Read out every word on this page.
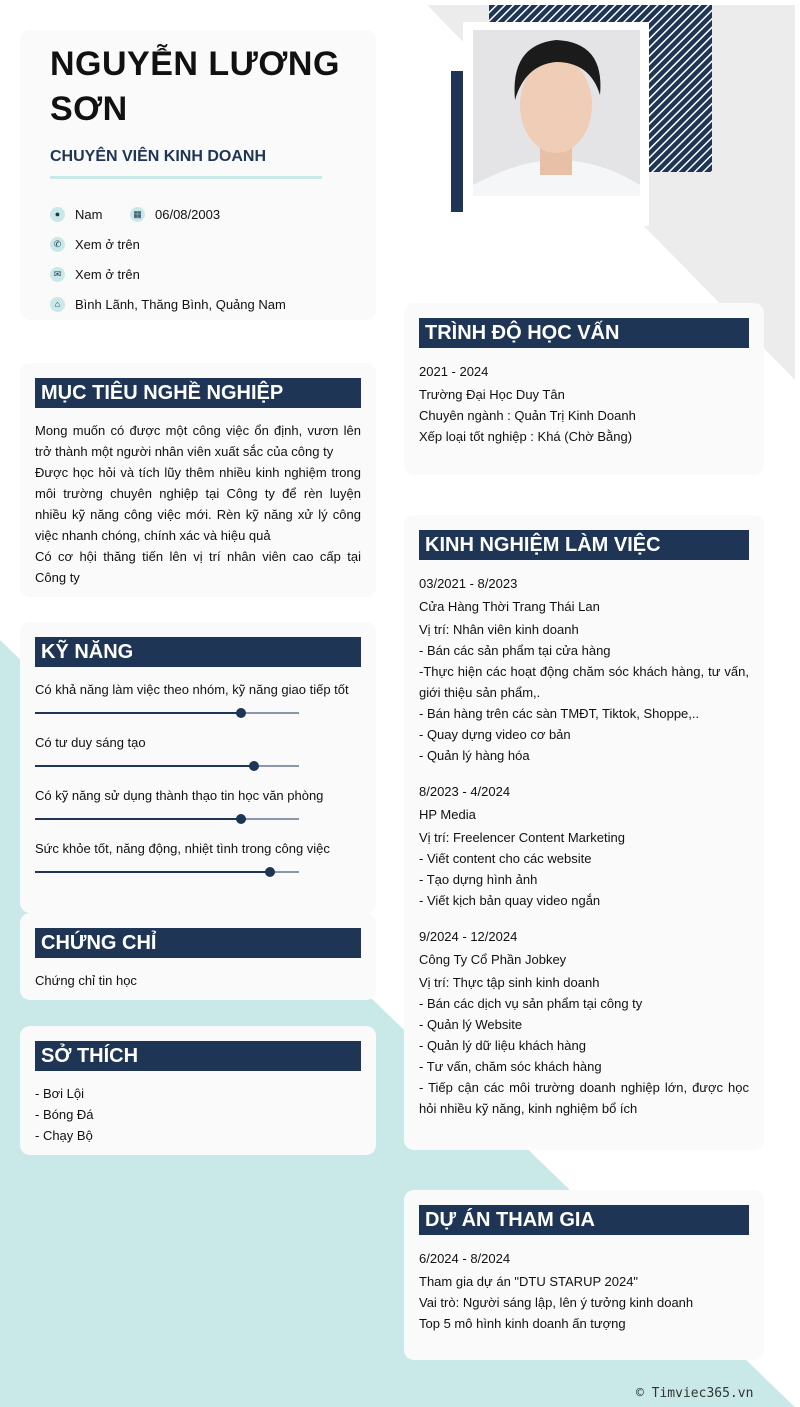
NGUYỄN LƯƠNG SƠN
CHUYÊN VIÊN KINH DOANH
●	Nam	▦ 06/08/2003
✆ Xem ở trên
✉ Xem ở trên
⌂	Bình Lãnh, Thăng Bình, Quảng Nam
MỤC TIÊU NGHỀ NGHIỆP
Mong muốn có được một công việc ổn định, vươn lên trở thành một người nhân viên xuất sắc của công ty
Được học hỏi và tích lũy thêm nhiều kinh nghiệm trong môi trường chuyên nghiệp tại Công ty để rèn luyện nhiều kỹ năng công việc mới. Rèn kỹ năng xử lý công việc nhanh chóng, chính xác và hiệu quả
Có cơ hội thăng tiến lên vị trí nhân viên cao cấp tại Công ty
KỸ NĂNG
Có khả năng làm việc theo nhóm, kỹ năng giao tiếp tốt
Có tư duy sáng tạo
Có kỹ năng sử dụng thành thạo tin học văn phòng
Sức khỏe tốt, năng động, nhiệt tình trong công việc
CHỨNG CHỈ
Chứng chỉ tin học
SỞ THÍCH
- Bơi Lội
- Bóng Đá
- Chạy Bộ
TRÌNH ĐỘ HỌC VẤN
2021 - 2024
Trường Đại Học Duy Tân
Chuyên ngành : Quản Trị Kinh Doanh
Xếp loại tốt nghiệp : Khá (Chờ Bằng)
KINH NGHIỆM LÀM VIỆC
03/2021 - 8/2023
Cửa Hàng Thời Trang Thái Lan
Vị trí: Nhân viên kinh doanh
- Bán các sản phẩm tại cửa hàng
-Thực hiện các hoạt động chăm sóc khách hàng, tư vấn, giới thiệu sản phẩm,.
- Bán hàng trên các sàn TMĐT, Tiktok, Shoppe,..
- Quay dựng video cơ bản
- Quản lý hàng hóa
8/2023 - 4/2024
HP Media
Vị trí: Freelencer Content Marketing
- Viết content cho các website
- Tạo dựng hình ảnh
- Viết kịch bản quay video ngắn
9/2024 - 12/2024
Công Ty Cổ Phần Jobkey
Vị trí: Thực tập sinh kinh doanh
- Bán các dịch vụ sản phẩm tại công ty
- Quản lý Website
- Quản lý dữ liệu khách hàng
- Tư vấn, chăm sóc khách hàng
- Tiếp cận các môi trường doanh nghiệp lớn, được học hỏi nhiều kỹ năng, kinh nghiệm bổ ích
DỰ ÁN THAM GIA
6/2024 - 8/2024
Tham gia dự án "DTU STARUP 2024"
Vai trò: Người sáng lập, lên ý tưởng kinh doanh
Top 5 mô hình kinh doanh ấn tượng
© Timviec365.vn
